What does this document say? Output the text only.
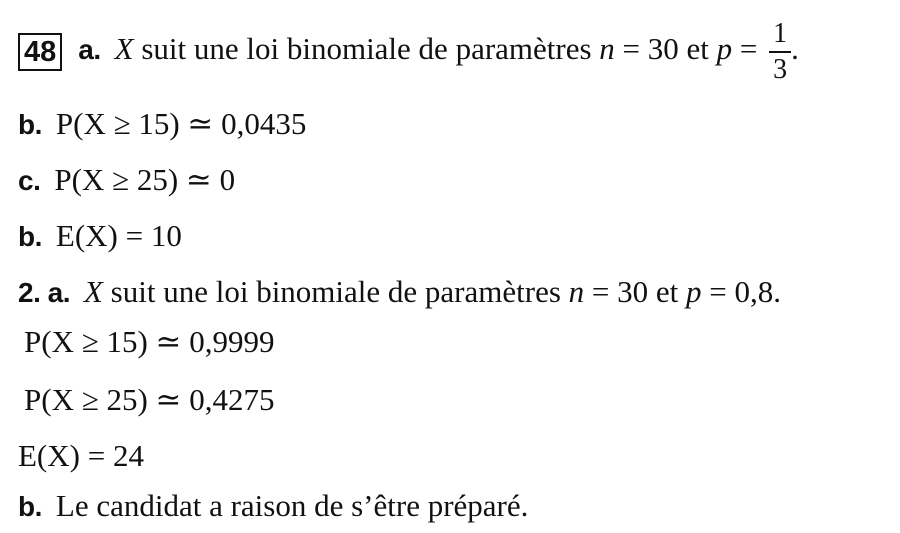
48 a. X suit une loi binomiale de paramètres n = 30 et $p = \frac{1}{3}$ .
b. P(X ≥ 15) ≃ 0,0435
c. P(X ≥ 25) ≃ 0
b. E(X) = 10
2. a. X suit une loi binomiale de paramètres n = 30 et p = 0,8.
P(X ≥ 15) ≃ 0,9999
P(X ≥ 25) ≃ 0,4275
E(X) = 24
b. Le candidat a raison de s’être préparé.
